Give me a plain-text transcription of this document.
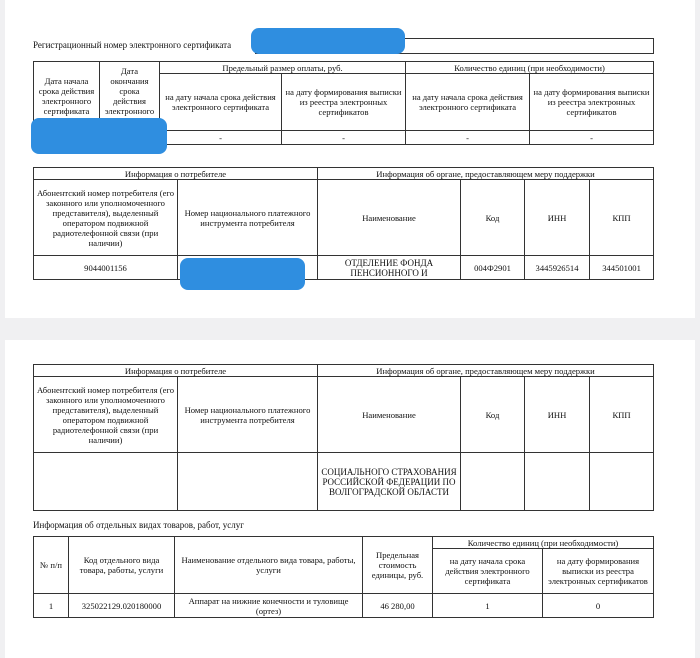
Регистрационный номер электронного сертификата
Дата начала срока действия электронного сертификата	Дата окончания срока действия электронного	Предельный размер оплаты, руб.		Количество единиц (при необходимости)	
		на дату начала срока действия электронного сертификата	на дату формирования выписки из реестра электронных сертификатов	на дату начала срока действия электронного сертификата	на дату формирования выписки из реестра электронных сертификатов
		-	-	-	-
Информация о потребителе		Информация об органе, предоставляющем меру поддержки			
Абонентский номер потребителя (его законного или уполномоченного представителя), выделенный оператором подвижной радиотелефонной связи (при наличии)	Номер национального платежного инструмента потребителя	Наименование	Код	ИНН	КПП
9044001156		ОТДЕЛЕНИЕ ФОНДА ПЕНСИОННОГО И	004Ф2901	3445926514	344501001
Информация о потребителе		Информация об органе, предоставляющем меру поддержки			
Абонентский номер потребителя (его законного или уполномоченного представителя), выделенный оператором подвижной радиотелефонной связи (при наличии)	Номер национального платежного инструмента потребителя	Наименование	Код	ИНН	КПП
		СОЦИАЛЬНОГО СТРАХОВАНИЯ РОССИЙСКОЙ ФЕДЕРАЦИИ ПО ВОЛГОГРАДСКОЙ ОБЛАСТИ			
Информация об отдельных видах товаров, работ, услуг
№ п/п	Код отдельного вида товара, работы, услуги	Наименование отдельного вида товара, работы, услуги	Предельная стоимость единицы, руб.	Количество единиц (при необходимости)	
				на дату начала срока действия электронного сертификата	на дату формирования выписки из реестра электронных сертификатов
1	325022129.020180000	Аппарат на нижние конечности и туловище (ортез)	46 280,00	1	0
